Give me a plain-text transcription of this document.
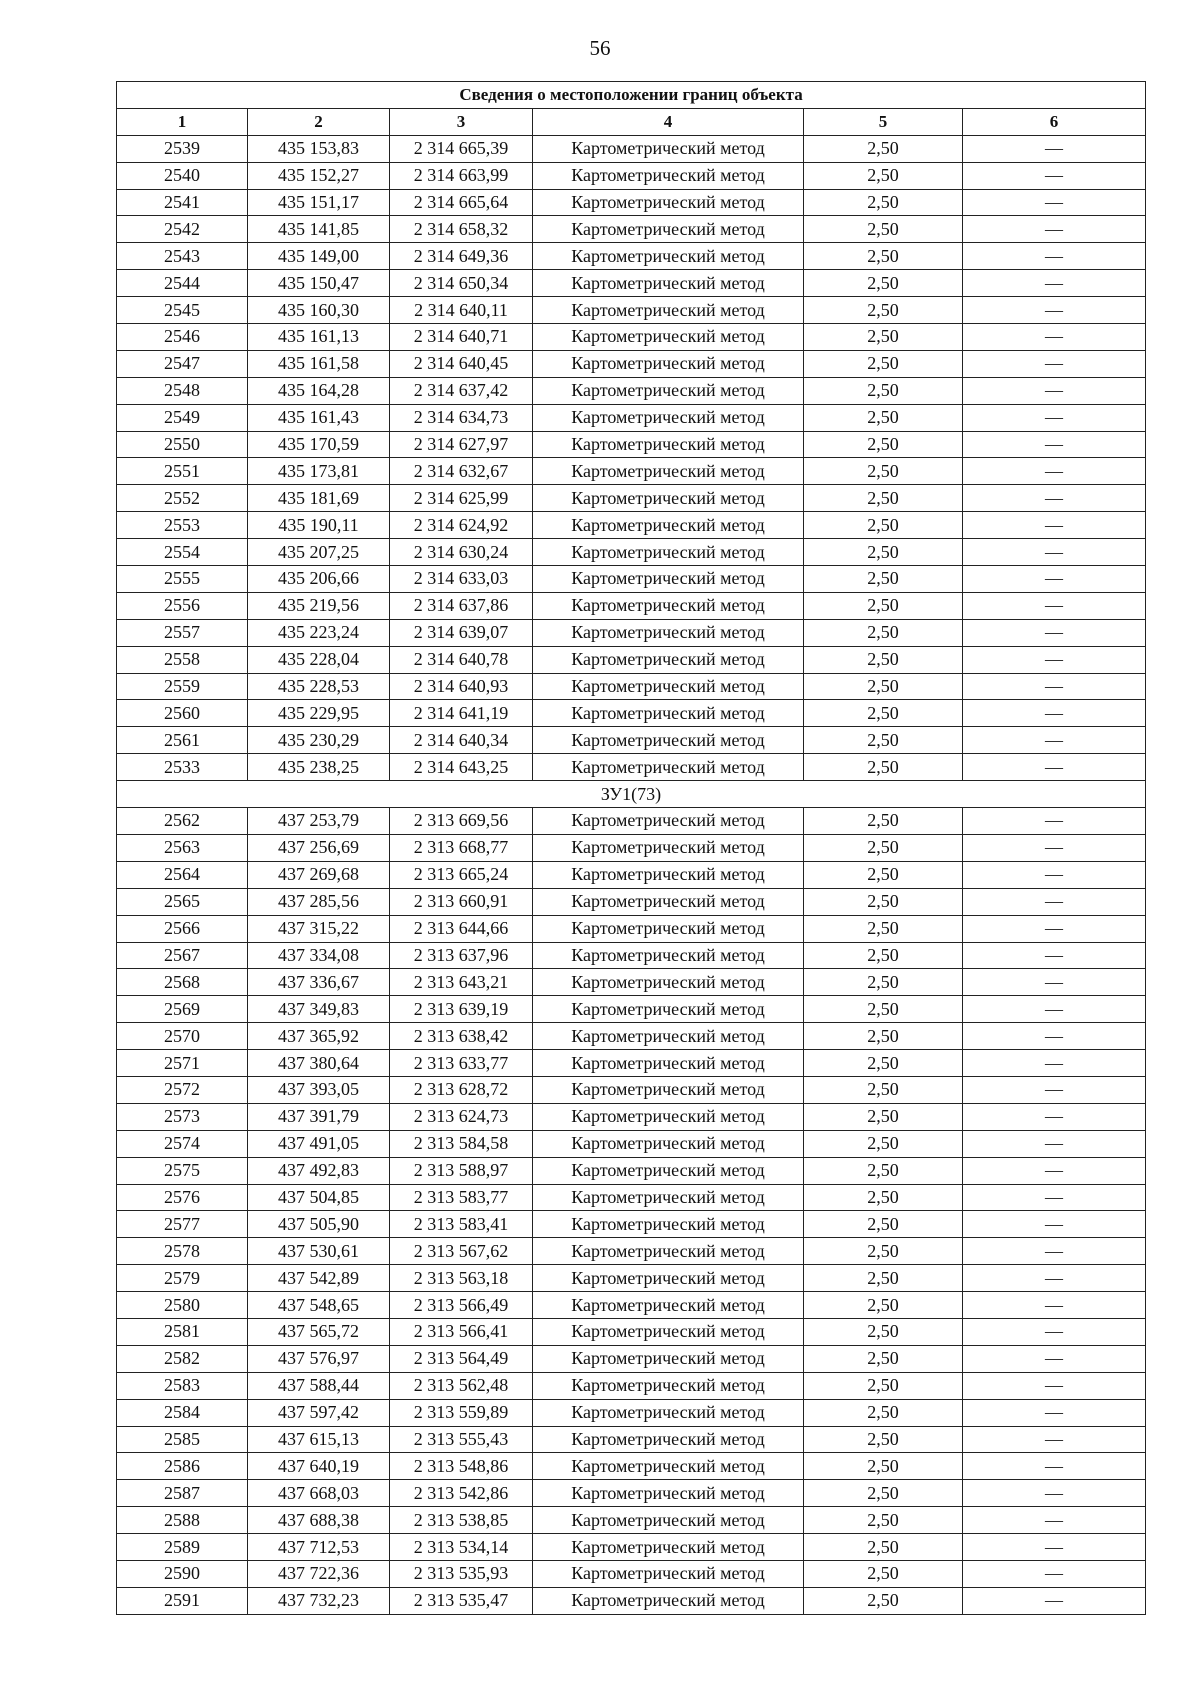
56
Сведения о местоположении границ объекта					
1	2	3	4	5	6
2539	435 153,83	2 314 665,39	Картометрический метод	2,50	—
2540	435 152,27	2 314 663,99	Картометрический метод	2,50	—
2541	435 151,17	2 314 665,64	Картометрический метод	2,50	—
2542	435 141,85	2 314 658,32	Картометрический метод	2,50	—
2543	435 149,00	2 314 649,36	Картометрический метод	2,50	—
2544	435 150,47	2 314 650,34	Картометрический метод	2,50	—
2545	435 160,30	2 314 640,11	Картометрический метод	2,50	—
2546	435 161,13	2 314 640,71	Картометрический метод	2,50	—
2547	435 161,58	2 314 640,45	Картометрический метод	2,50	—
2548	435 164,28	2 314 637,42	Картометрический метод	2,50	—
2549	435 161,43	2 314 634,73	Картометрический метод	2,50	—
2550	435 170,59	2 314 627,97	Картометрический метод	2,50	—
2551	435 173,81	2 314 632,67	Картометрический метод	2,50	—
2552	435 181,69	2 314 625,99	Картометрический метод	2,50	—
2553	435 190,11	2 314 624,92	Картометрический метод	2,50	—
2554	435 207,25	2 314 630,24	Картометрический метод	2,50	—
2555	435 206,66	2 314 633,03	Картометрический метод	2,50	—
2556	435 219,56	2 314 637,86	Картометрический метод	2,50	—
2557	435 223,24	2 314 639,07	Картометрический метод	2,50	—
2558	435 228,04	2 314 640,78	Картометрический метод	2,50	—
2559	435 228,53	2 314 640,93	Картометрический метод	2,50	—
2560	435 229,95	2 314 641,19	Картометрический метод	2,50	—
2561	435 230,29	2 314 640,34	Картометрический метод	2,50	—
2533	435 238,25	2 314 643,25	Картометрический метод	2,50	—
ЗУ1(73)					
2562	437 253,79	2 313 669,56	Картометрический метод	2,50	—
2563	437 256,69	2 313 668,77	Картометрический метод	2,50	—
2564	437 269,68	2 313 665,24	Картометрический метод	2,50	—
2565	437 285,56	2 313 660,91	Картометрический метод	2,50	—
2566	437 315,22	2 313 644,66	Картометрический метод	2,50	—
2567	437 334,08	2 313 637,96	Картометрический метод	2,50	—
2568	437 336,67	2 313 643,21	Картометрический метод	2,50	—
2569	437 349,83	2 313 639,19	Картометрический метод	2,50	—
2570	437 365,92	2 313 638,42	Картометрический метод	2,50	—
2571	437 380,64	2 313 633,77	Картометрический метод	2,50	—
2572	437 393,05	2 313 628,72	Картометрический метод	2,50	—
2573	437 391,79	2 313 624,73	Картометрический метод	2,50	—
2574	437 491,05	2 313 584,58	Картометрический метод	2,50	—
2575	437 492,83	2 313 588,97	Картометрический метод	2,50	—
2576	437 504,85	2 313 583,77	Картометрический метод	2,50	—
2577	437 505,90	2 313 583,41	Картометрический метод	2,50	—
2578	437 530,61	2 313 567,62	Картометрический метод	2,50	—
2579	437 542,89	2 313 563,18	Картометрический метод	2,50	—
2580	437 548,65	2 313 566,49	Картометрический метод	2,50	—
2581	437 565,72	2 313 566,41	Картометрический метод	2,50	—
2582	437 576,97	2 313 564,49	Картометрический метод	2,50	—
2583	437 588,44	2 313 562,48	Картометрический метод	2,50	—
2584	437 597,42	2 313 559,89	Картометрический метод	2,50	—
2585	437 615,13	2 313 555,43	Картометрический метод	2,50	—
2586	437 640,19	2 313 548,86	Картометрический метод	2,50	—
2587	437 668,03	2 313 542,86	Картометрический метод	2,50	—
2588	437 688,38	2 313 538,85	Картометрический метод	2,50	—
2589	437 712,53	2 313 534,14	Картометрический метод	2,50	—
2590	437 722,36	2 313 535,93	Картометрический метод	2,50	—
2591	437 732,23	2 313 535,47	Картометрический метод	2,50	—
